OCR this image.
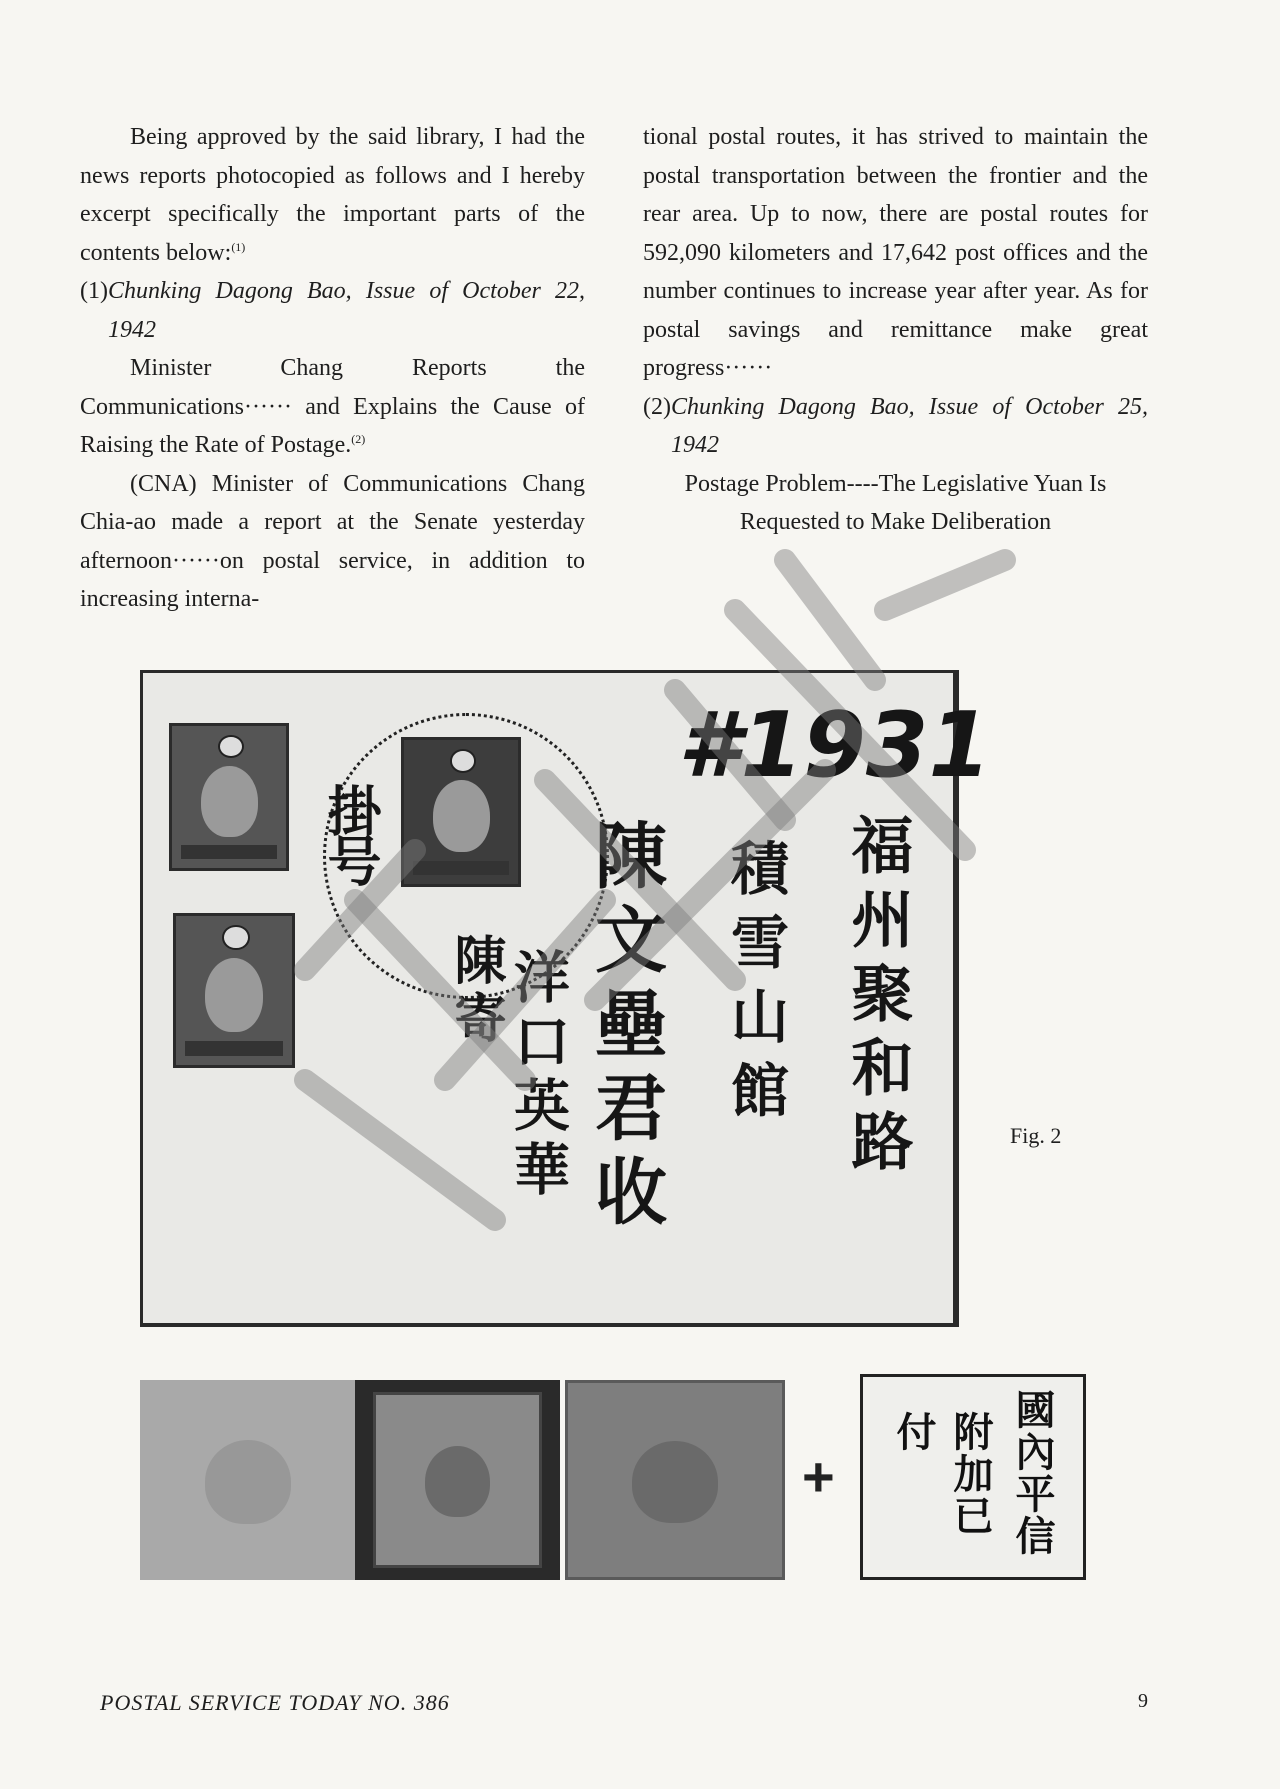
Being approved by the said library, I had the news reports photocopied as follows and I hereby excerpt specifically the important parts of the contents below:$^{(1)}$

(1)Chunking Dagong Bao, Issue of October 22, 1942

Minister Chang Reports the Communications······ and Explains the Cause of Raising the Rate of Postage.$^{(2)}$

(CNA) Minister of Communications Chang Chia-ao made a report at the Senate yesterday afternoon······on postal service, in addition to increasing interna-

tional postal routes, it has strived to maintain the postal transportation between the frontier and the rear area. Up to now, there are postal routes for 592,090 kilometers and 17,642 post offices and the number continues to increase year after year. As for postal savings and remittance make great progress······

(2)Chunking Dagong Bao, Issue of October 25, 1942

Postage Problem----The Legislative Yuan Is Requested to Make Deliberation

掛号
#1931
福州聚和路
積雪山館
陳文壘君收
洋口英華
陳寄
Fig. 2
+	國內平信
附加已付
POSTAL SERVICE TODAY NO. 386	9
